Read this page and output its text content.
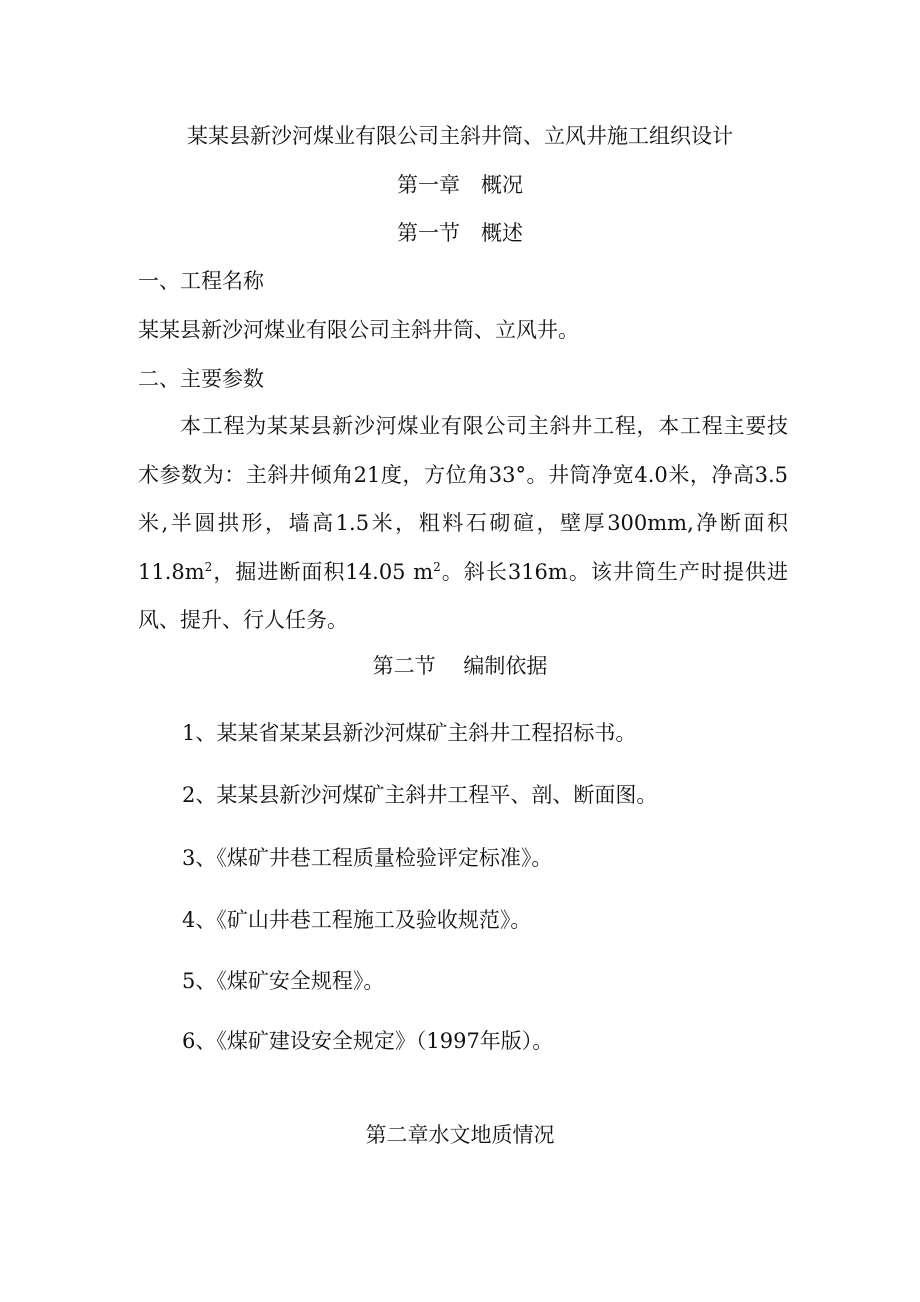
某某县新沙河煤业有限公司主斜井筒、立风井施工组织设计
第一章　概况
第一节　概述
一、工程名称
某某县新沙河煤业有限公司主斜井筒、立风井。
二、主要参数
本工程为某某县新沙河煤业有限公司主斜井工程，本工程主要技术参数为：主斜井倾角21度，方位角33°。井筒净宽4.0米，净高3.5米,半圆拱形，墙高1.5米，粗料石砌碹，壁厚300mm,净断面积$11.8m^2$，掘进断面积14.05 $m^2$。斜长316m。该井筒生产时提供进风、提升、行人任务。
第二节　 编制依据
1、某某省某某县新沙河煤矿主斜井工程招标书。
2、某某县新沙河煤矿主斜井工程平、剖、断面图。
3、《煤矿井巷工程质量检验评定标准》。
4、《矿山井巷工程施工及验收规范》。
5、《煤矿安全规程》。
6、《煤矿建设安全规定》（1997年版）。
第二章水文地质情况
